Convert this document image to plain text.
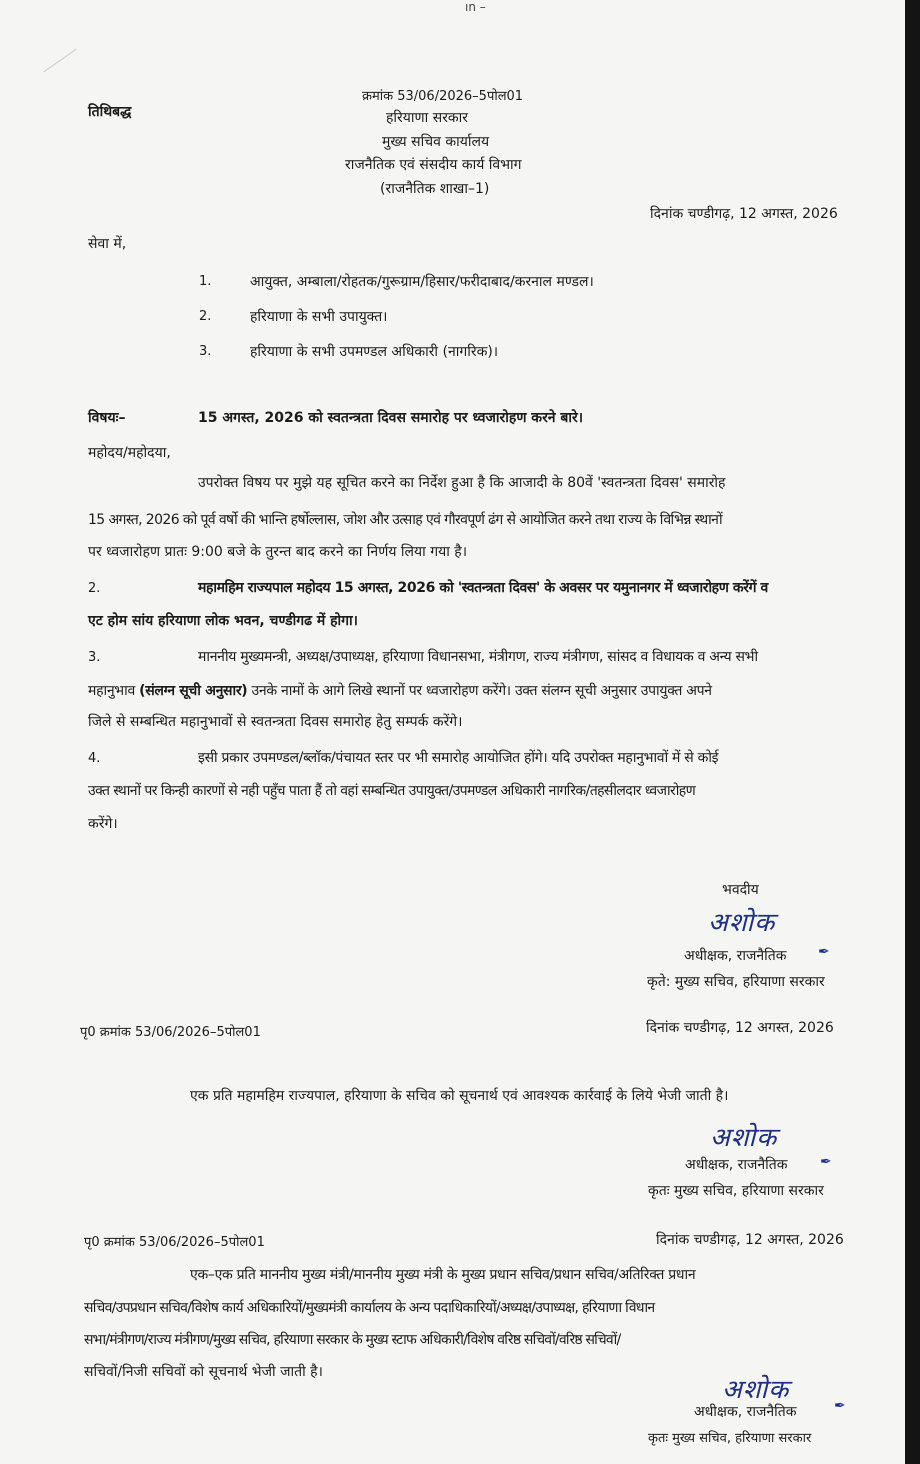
ın –
तिथिबद्ध
क्रमांक 53/06/2026–5पोल01
हरियाणा सरकार
मुख्य सचिव कार्यालय
राजनैतिक एवं संसदीय कार्य विभाग
(राजनैतिक शाखा–1)
दिनांक चण्डीगढ़, 12 अगस्त, 2026
सेवा में,
1.	आयुक्त, अम्बाला/रोहतक/गुरूग्राम/हिसार/फरीदाबाद/करनाल मण्डल।
2.	हरियाणा के सभी उपायुक्त।
3.	हरियाणा के सभी उपमण्डल अधिकारी (नागरिक)।
विषयः–	15 अगस्त, 2026 को स्वतन्त्रता दिवस समारोह पर ध्वजारोहण करने बारे।
महोदय/महोदया,
उपरोक्त विषय पर मुझे यह सूचित करने का निर्देश हुआ है कि आजादी के 80वें 'स्वतन्त्रता दिवस' समारोह
15 अगस्त, 2026 को पूर्व वर्षो की भान्ति हर्षोल्लास, जोश और उत्साह एवं गौरवपूर्ण ढंग से आयोजित करने तथा राज्य के विभिन्न स्थानों
पर ध्वजारोहण प्रातः 9:00 बजे के तुरन्त बाद करने का निर्णय लिया गया है।
2.	महामहिम राज्यपाल महोदय 15 अगस्त, 2026 को 'स्वतन्त्रता दिवस' के अवसर पर यमुनानगर में ध्वजारोहण करेंगें व
एट होम सांय हरियाणा लोक भवन, चण्डीगढ में होगा।
3.	माननीय मुख्यमन्त्री, अध्यक्ष/उपाध्यक्ष, हरियाणा विधानसभा, मंत्रीगण, राज्य मंत्रीगण, सांसद व विधायक व अन्य सभी
महानुभाव (संलग्न सूची अनुसार) उनके नामों के आगे लिखे स्थानों पर ध्वजारोहण करेंगे। उक्त संलग्न सूची अनुसार उपायुक्त अपने
जिले से सम्बन्धित महानुभावों से स्वतन्त्रता दिवस समारोह हेतु सम्पर्क करेंगे।
4.	इसी प्रकार उपमण्डल/ब्लॉक/पंचायत स्तर पर भी समारोह आयोजित होंगे। यदि उपरोक्त महानुभावों में से कोई
उक्त स्थानों पर किन्ही कारणों से नही पहुँच पाता हैं तो वहां सम्बन्धित उपायुक्त/उपमण्डल अधिकारी नागरिक/तहसीलदार ध्वजारोहण
करेंगे।
भवदीय
अशोक
✒
अधीक्षक, राजनैतिक
कृते: मुख्य सचिव, हरियाणा सरकार
पृ0 क्रमांक 53/06/2026–5पोल01	दिनांक चण्डीगढ़, 12 अगस्त, 2026
एक प्रति महामहिम राज्यपाल, हरियाणा के सचिव को सूचनार्थ एवं आवश्यक कार्रवाई के लिये भेजी जाती है।
अशोक
✒
अधीक्षक, राजनैतिक
कृतः मुख्य सचिव, हरियाणा सरकार
पृ0 क्रमांक 53/06/2026–5पोल01	दिनांक चण्डीगढ़, 12 अगस्त, 2026
एक–एक प्रति माननीय मुख्य मंत्री/माननीय मुख्य मंत्री के मुख्य प्रधान सचिव/प्रधान सचिव/अतिरिक्त प्रधान
सचिव/उपप्रधान सचिव/विशेष कार्य अधिकारियों/मुख्यमंत्री कार्यालय के अन्य पदाधिकारियों/अध्यक्ष/उपाध्यक्ष, हरियाणा विधान
सभा/मंत्रीगण/राज्य मंत्रीगण/मुख्य सचिव, हरियाणा सरकार के मुख्य स्टाफ अधिकारी/विशेष वरिष्ठ सचिवों/वरिष्ठ सचिवों/
सचिवों/निजी सचिवों को सूचनार्थ भेजी जाती है।
अशोक
✒
अधीक्षक, राजनैतिक
कृतः मुख्य सचिव, हरियाणा सरकार
